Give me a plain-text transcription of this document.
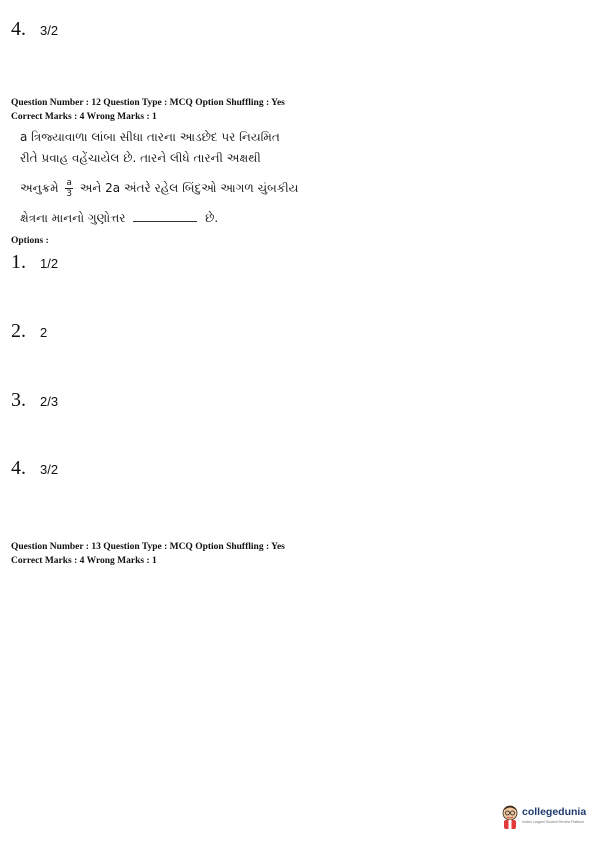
4. 3/2
Question Number : 12 Question Type : MCQ Option Shuffling : Yes
Correct Marks : 4 Wrong Marks : 1
a ત્રિજ્યાવાળા લાંબા સીધા તારના આડછેદ પર નિયમિત
રીતે પ્રવાહ વહેંચાયેલ છે. તારને લીધે તારની અક્ષથી
અનુક્રમે $\frac{a}{3}$ અને 2a અંતરે રહેલ બિંદુઓ આગળ ચુંબકીય
ક્ષેત્રના માનનો ગુણોત્તર	છે.
Options :
1. 1/2
2. 2
3. 2/3
4. 3/2
Question Number : 13 Question Type : MCQ Option Shuffling : Yes
Correct Marks : 4 Wrong Marks : 1
collegedunia
India's Largest Student Review Platform
